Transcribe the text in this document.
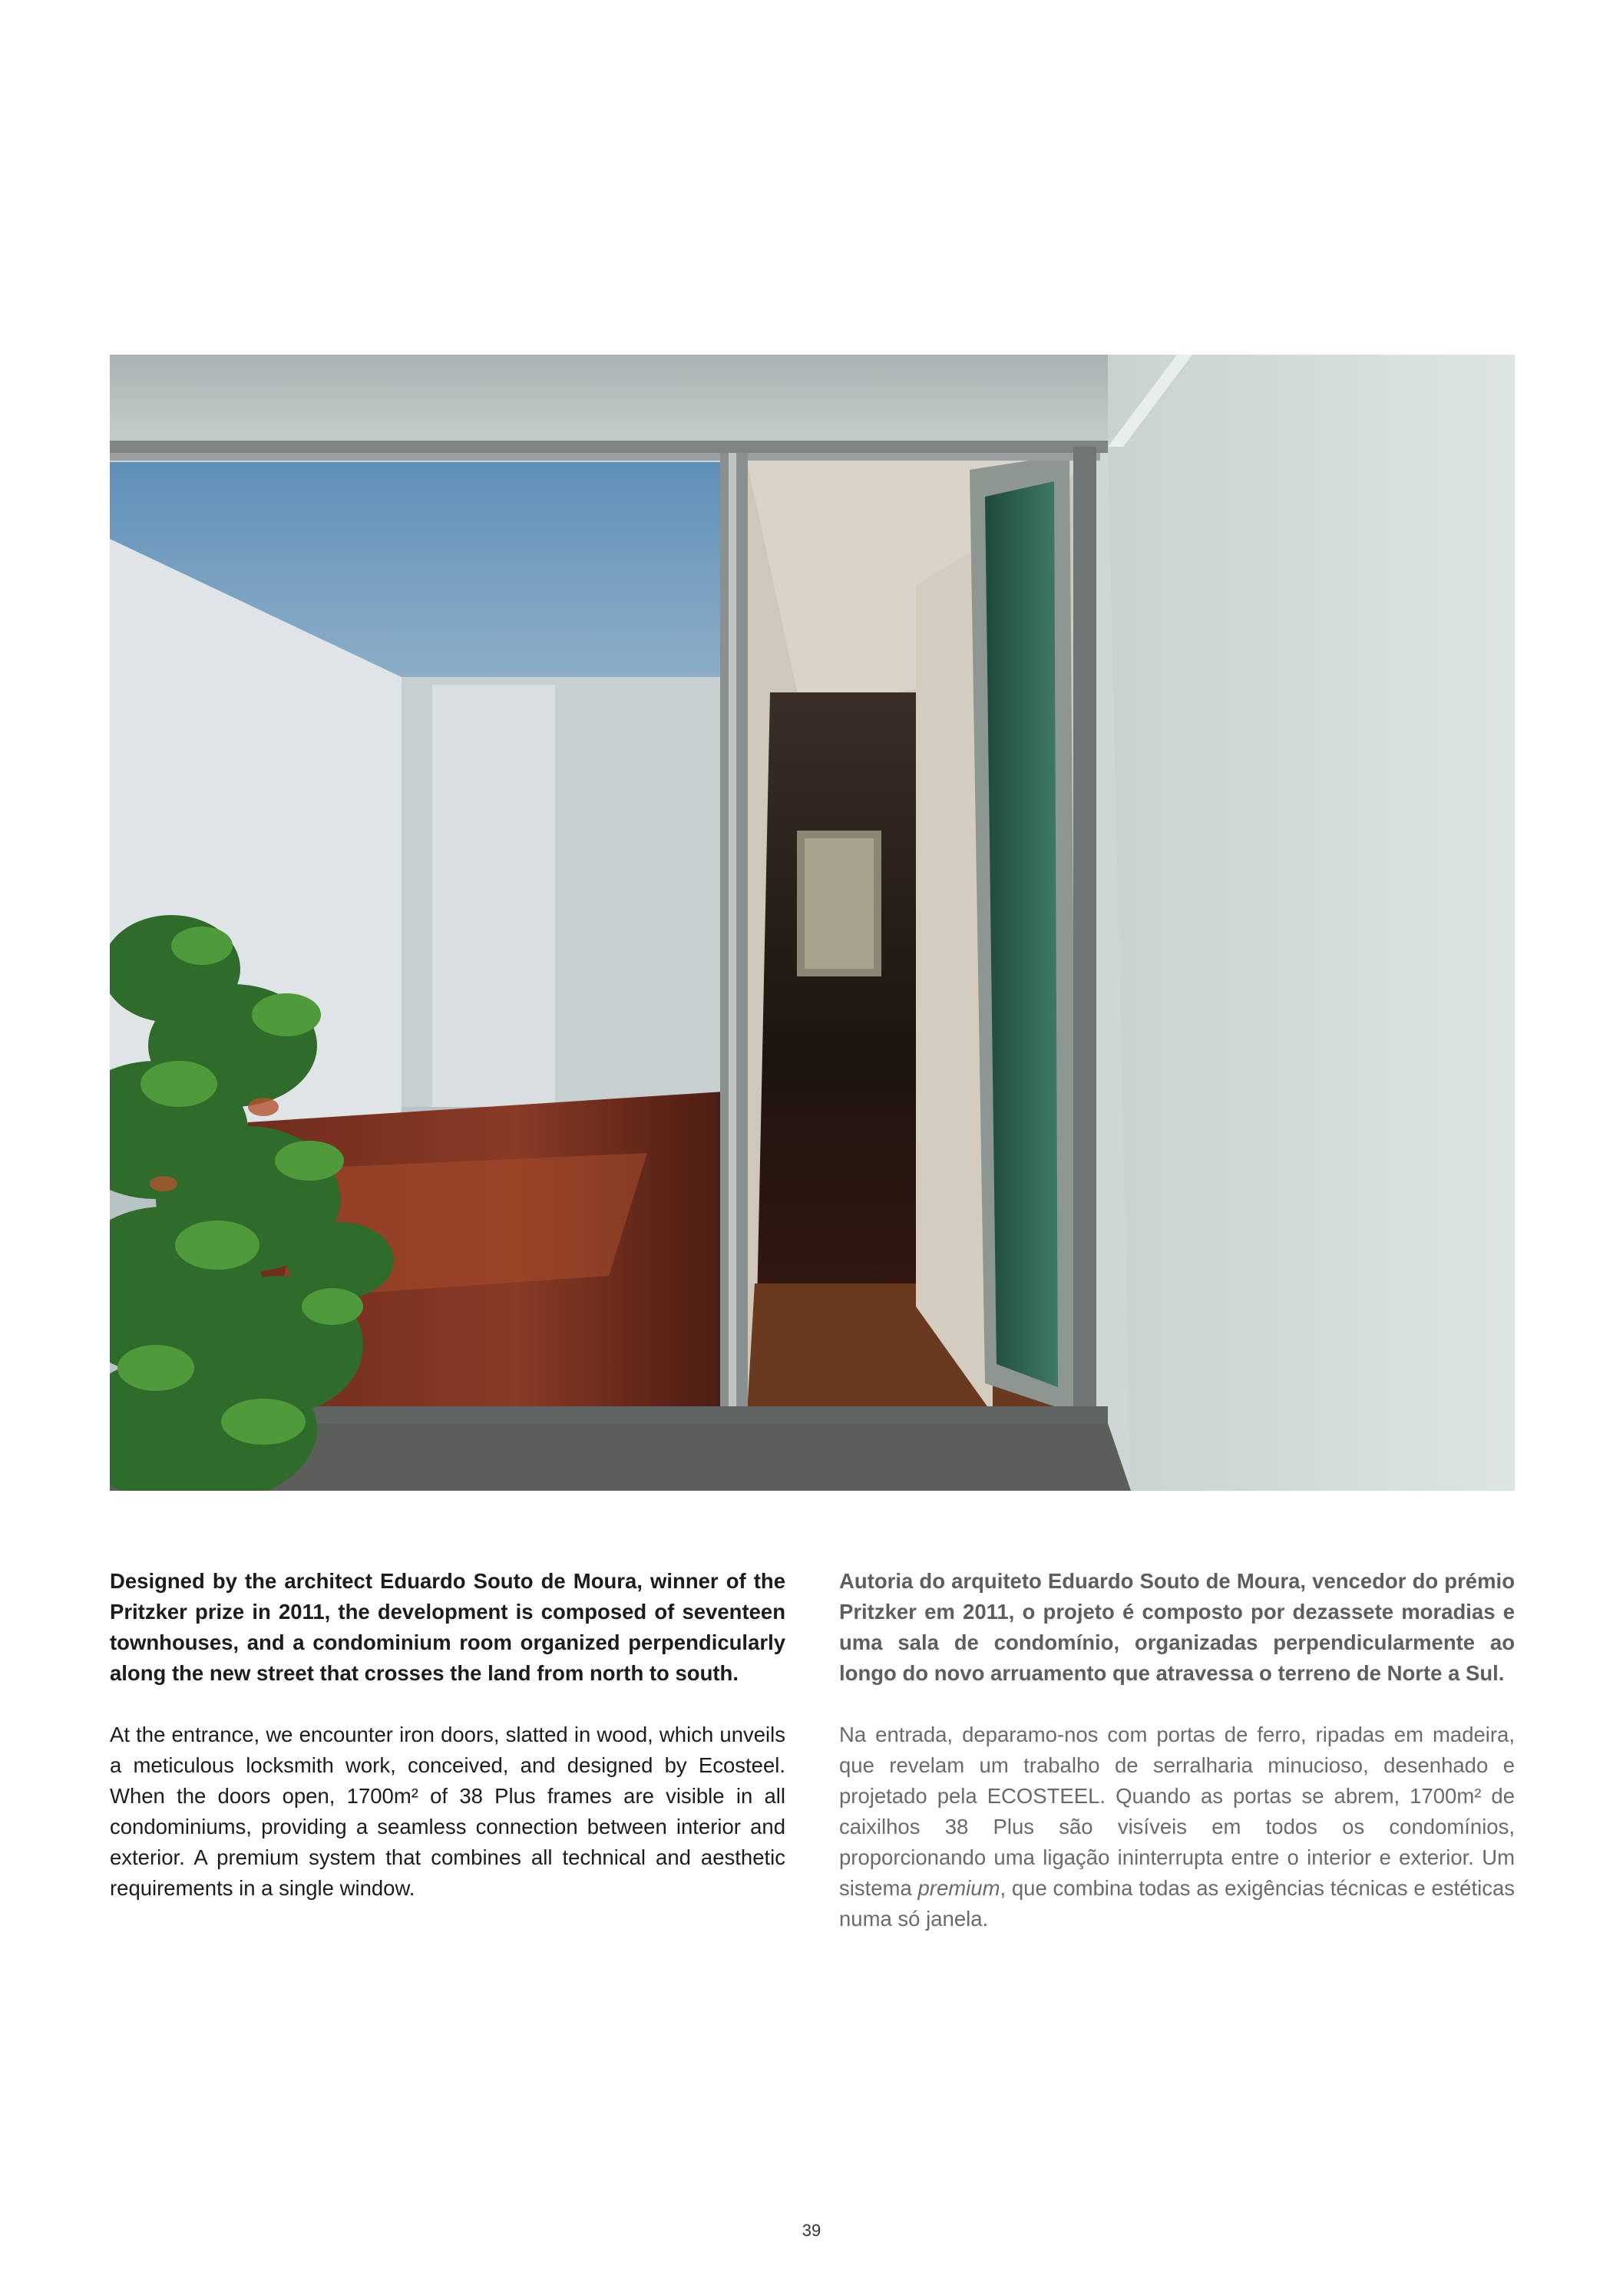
Designed by the architect Eduardo Souto de Moura, winner of the Pritzker prize in 2011, the development is composed of seventeen townhouses, and a condominium room organized perpendicularly along the new street that crosses the land from north to south.

At the entrance, we encounter iron doors, slatted in wood, which unveils a meticulous locksmith work, conceived, and designed by Ecosteel. When the doors open, 1700m² of 38 Plus frames are visible in all condominiums, providing a seamless connection between interior and exterior. A premium system that combines all technical and aesthetic requirements in a single window.

Autoria do arquiteto Eduardo Souto de Moura, vencedor do prémio Pritzker em 2011, o projeto é composto por dezassete moradias e uma sala de condomínio, organizadas perpendicularmente ao longo do novo arruamento que atravessa o terreno de Norte a Sul.

Na entrada, deparamo-nos com portas de ferro, ripadas em madeira, que revelam um trabalho de serralharia minucioso, desenhado e projetado pela ECOSTEEL. Quando as portas se abrem, 1700m² de caixilhos 38 Plus são visíveis em todos os condomínios, proporcionando uma ligação ininterrupta entre o interior e exterior. Um sistema premium, que combina todas as exigências técnicas e estéticas numa só janela.

39
